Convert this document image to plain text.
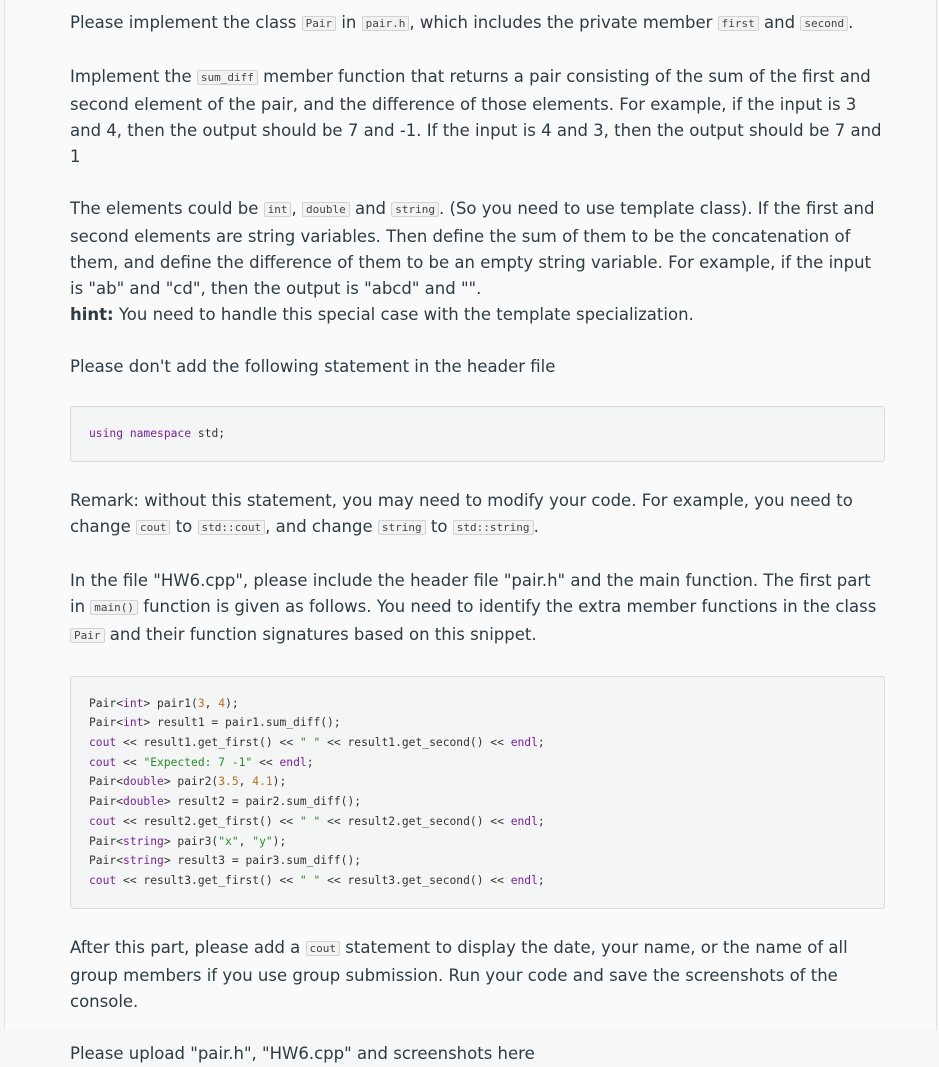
Please implement the class Pair in pair.h , which includes the private member first and second .

Implement the sum_diff member function that returns a pair consisting of the sum of the first and second element of the pair, and the difference of those elements. For example, if the input is 3 and 4, then the output should be 7 and -1. If the input is 4 and 3, then the output should be 7 and 1

The elements could be int , double and string . (So you need to use template class). If the first and second elements are string variables. Then define the sum of them to be the concatenation of them, and define the difference of them to be an empty string variable. For example, if the input is "ab" and "cd", then the output is "abcd" and "".

hint: You need to handle this special case with the template specialization.

Please don't add the following statement in the header file

using namespace std;

Remark: without this statement, you may need to modify your code. For example, you need to change cout to std::cout , and change string to std::string .

In the file "HW6.cpp", please include the header file "pair.h" and the main function. The first part in main() function is given as follows. You need to identify the extra member functions in the class Pair and their function signatures based on this snippet.

Pair<int> pair1(3, 4);
Pair<int> result1 = pair1.sum_diff();
cout << result1.get_first() << " " << result1.get_second() << endl;
cout << "Expected: 7 -1" << endl;
Pair<double> pair2(3.5, 4.1);
Pair<double> result2 = pair2.sum_diff();
cout << result2.get_first() << " " << result2.get_second() << endl;
Pair<string> pair3("x", "y");
Pair<string> result3 = pair3.sum_diff();
cout << result3.get_first() << " " << result3.get_second() << endl;

After this part, please add a cout statement to display the date, your name, or the name of all group members if you use group submission. Run your code and save the screenshots of the console.

Please upload "pair.h", "HW6.cpp" and screenshots here
